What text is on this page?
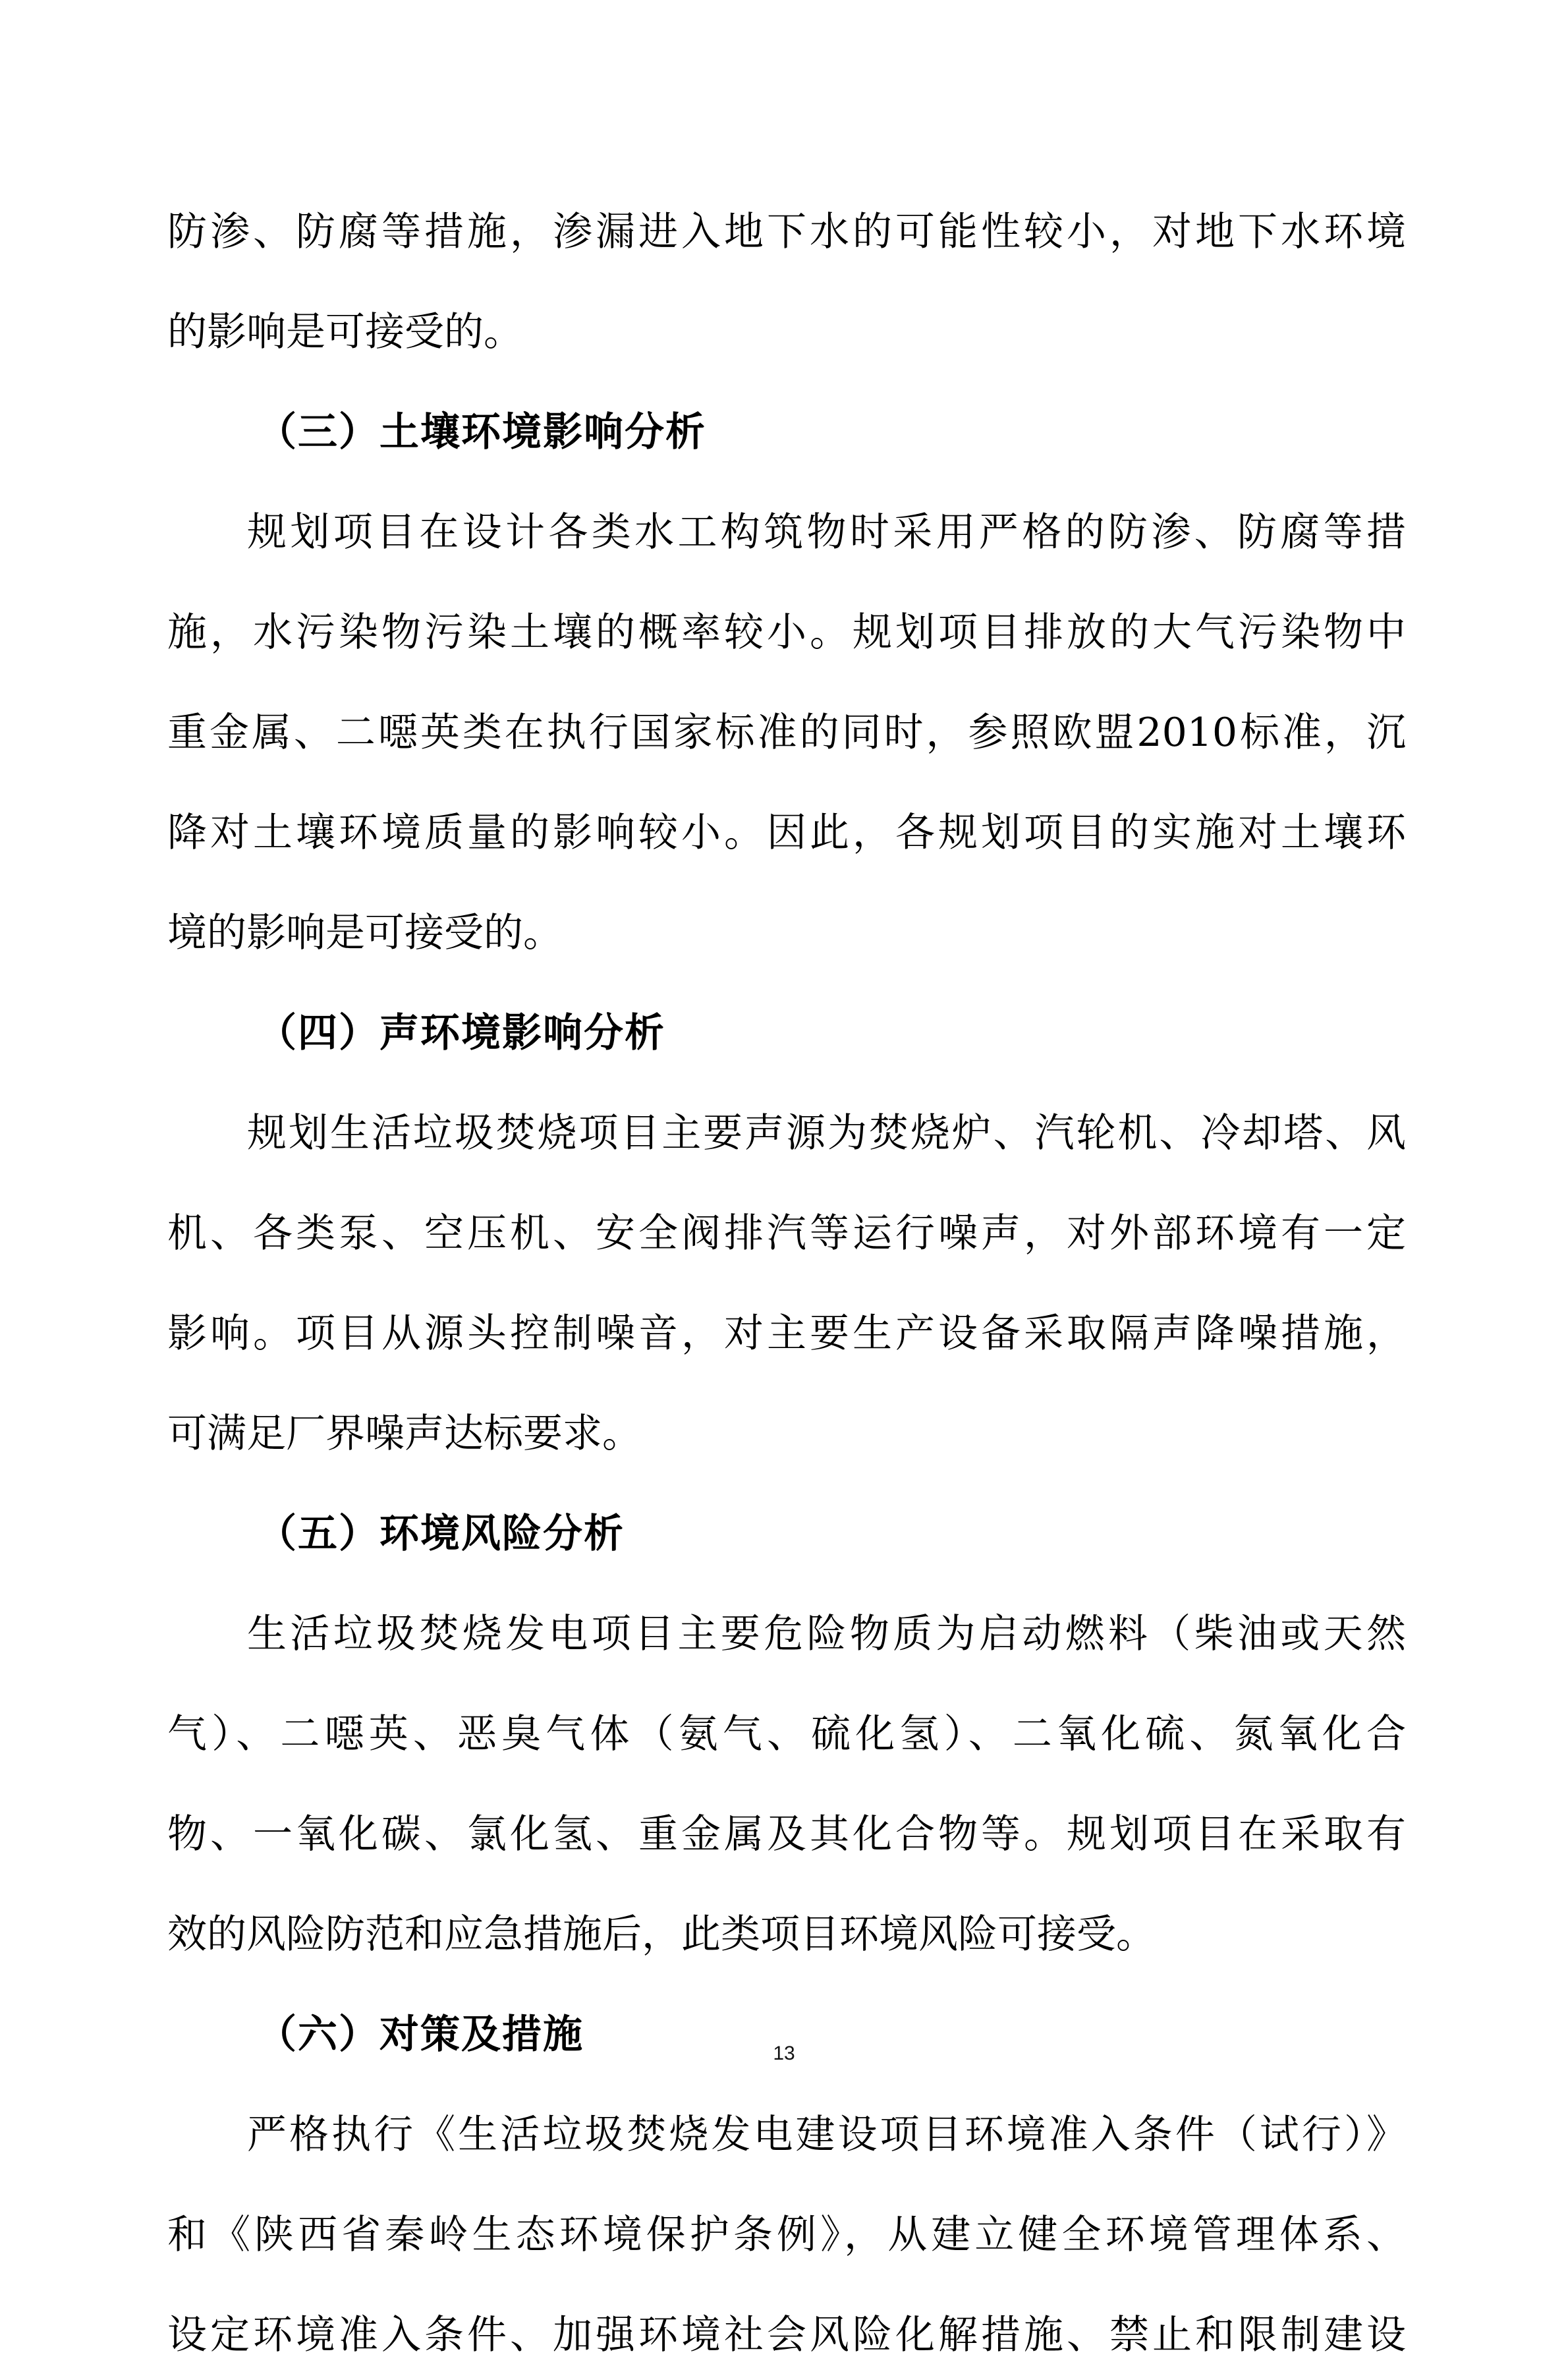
防渗、防腐等措施，渗漏进入地下水的可能性较小，对地下水环境
的影响是可接受的。
（三）土壤环境影响分析
规划项目在设计各类水工构筑物时采用严格的防渗、防腐等措
施，水污染物污染土壤的概率较小。规划项目排放的大气污染物中
重金属、二噁英类在执行国家标准的同时，参照欧盟2010标准，沉
降对土壤环境质量的影响较小。因此，各规划项目的实施对土壤环
境的影响是可接受的。
（四）声环境影响分析
规划生活垃圾焚烧项目主要声源为焚烧炉、汽轮机、冷却塔、风
机、各类泵、空压机、安全阀排汽等运行噪声，对外部环境有一定
影响。项目从源头控制噪音，对主要生产设备采取隔声降噪措施，
可满足厂界噪声达标要求。
（五）环境风险分析
生活垃圾焚烧发电项目主要危险物质为启动燃料（柴油或天然
气）、二噁英、恶臭气体（氨气、硫化氢）、二氧化硫、氮氧化合
物、一氧化碳、氯化氢、重金属及其化合物等。规划项目在采取有
效的风险防范和应急措施后，此类项目环境风险可接受。
（六）对策及措施
严格执行《生活垃圾焚烧发电建设项目环境准入条件（试行）》
和《陕西省秦岭生态环境保护条例》，从建立健全环境管理体系、
设定环境准入条件、加强环境社会风险化解措施、禁止和限制建设
13
